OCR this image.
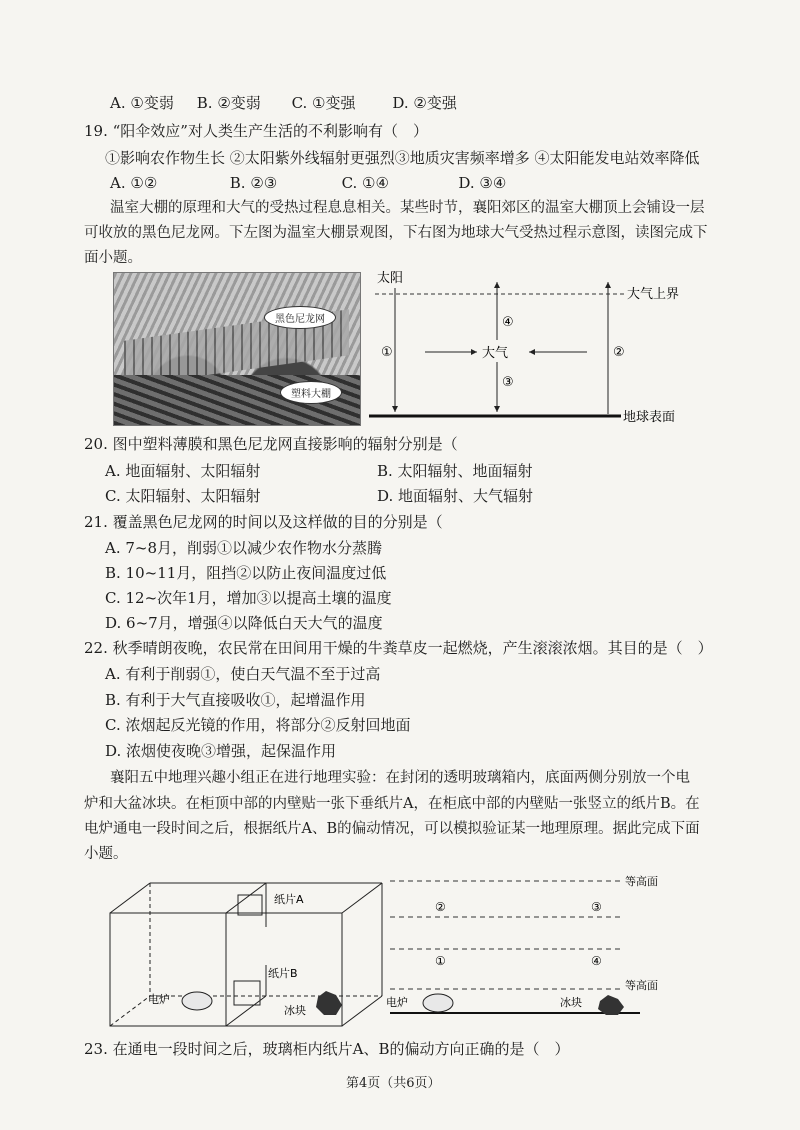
A. ①变弱 B. ②变弱 C. ①变强 D. ②变强
19. “阳伞效应”对人类生产生活的不利影响有（　）
①影响农作物生长 ②太阳紫外线辐射更强烈③地质灾害频率增多 ④太阳能发电站效率降低
A. ①②	B. ②③	C. ①④	D. ③④
温室大棚的原理和大气的受热过程息息相关。某些时节，襄阳郊区的温室大棚顶上会铺设一层
可收放的黑色尼龙网。下左图为温室大棚景观图，下右图为地球大气受热过程示意图，读图完成下
面小题。
黑色尼龙网
塑料大棚
太阳
大气上界
①	大气
④
③
②
地球表面
20. 图中塑料薄膜和黑色尼龙网直接影响的辐射分别是（
A. 地面辐射、太阳辐射	B. 太阳辐射、地面辐射
C. 太阳辐射、太阳辐射	D. 地面辐射、大气辐射
21. 覆盖黑色尼龙网的时间以及这样做的目的分别是（
A. 7~8月，削弱①以减少农作物水分蒸腾
B. 10~11月，阻挡②以防止夜间温度过低
C. 12~次年1月，增加③以提高土壤的温度
D. 6~7月，增强④以降低白天大气的温度
22. 秋季晴朗夜晚，农民常在田间用干燥的牛粪草皮一起燃烧，产生滚滚浓烟。其目的是（　）
A. 有利于削弱①，使白天气温不至于过高
B. 有利于大气直接吸收①，起增温作用
C. 浓烟起反光镜的作用，将部分②反射回地面
D. 浓烟使夜晚③增强，起保温作用
襄阳五中地理兴趣小组正在进行地理实验：在封闭的透明玻璃箱内，底面两侧分别放一个电
炉和大盆冰块。在柜顶中部的内壁贴一张下垂纸片A，在柜底中部的内壁贴一张竖立的纸片B。在
电炉通电一段时间之后，根据纸片A、B的偏动情况，可以模拟验证某一地理原理。据此完成下面
小题。
纸片A
纸片B
电炉
冰块
等高面
②	③
①	④
等高面
电炉	冰块
23. 在通电一段时间之后，玻璃柜内纸片A、B的偏动方向正确的是（　）
第4页（共6页）
